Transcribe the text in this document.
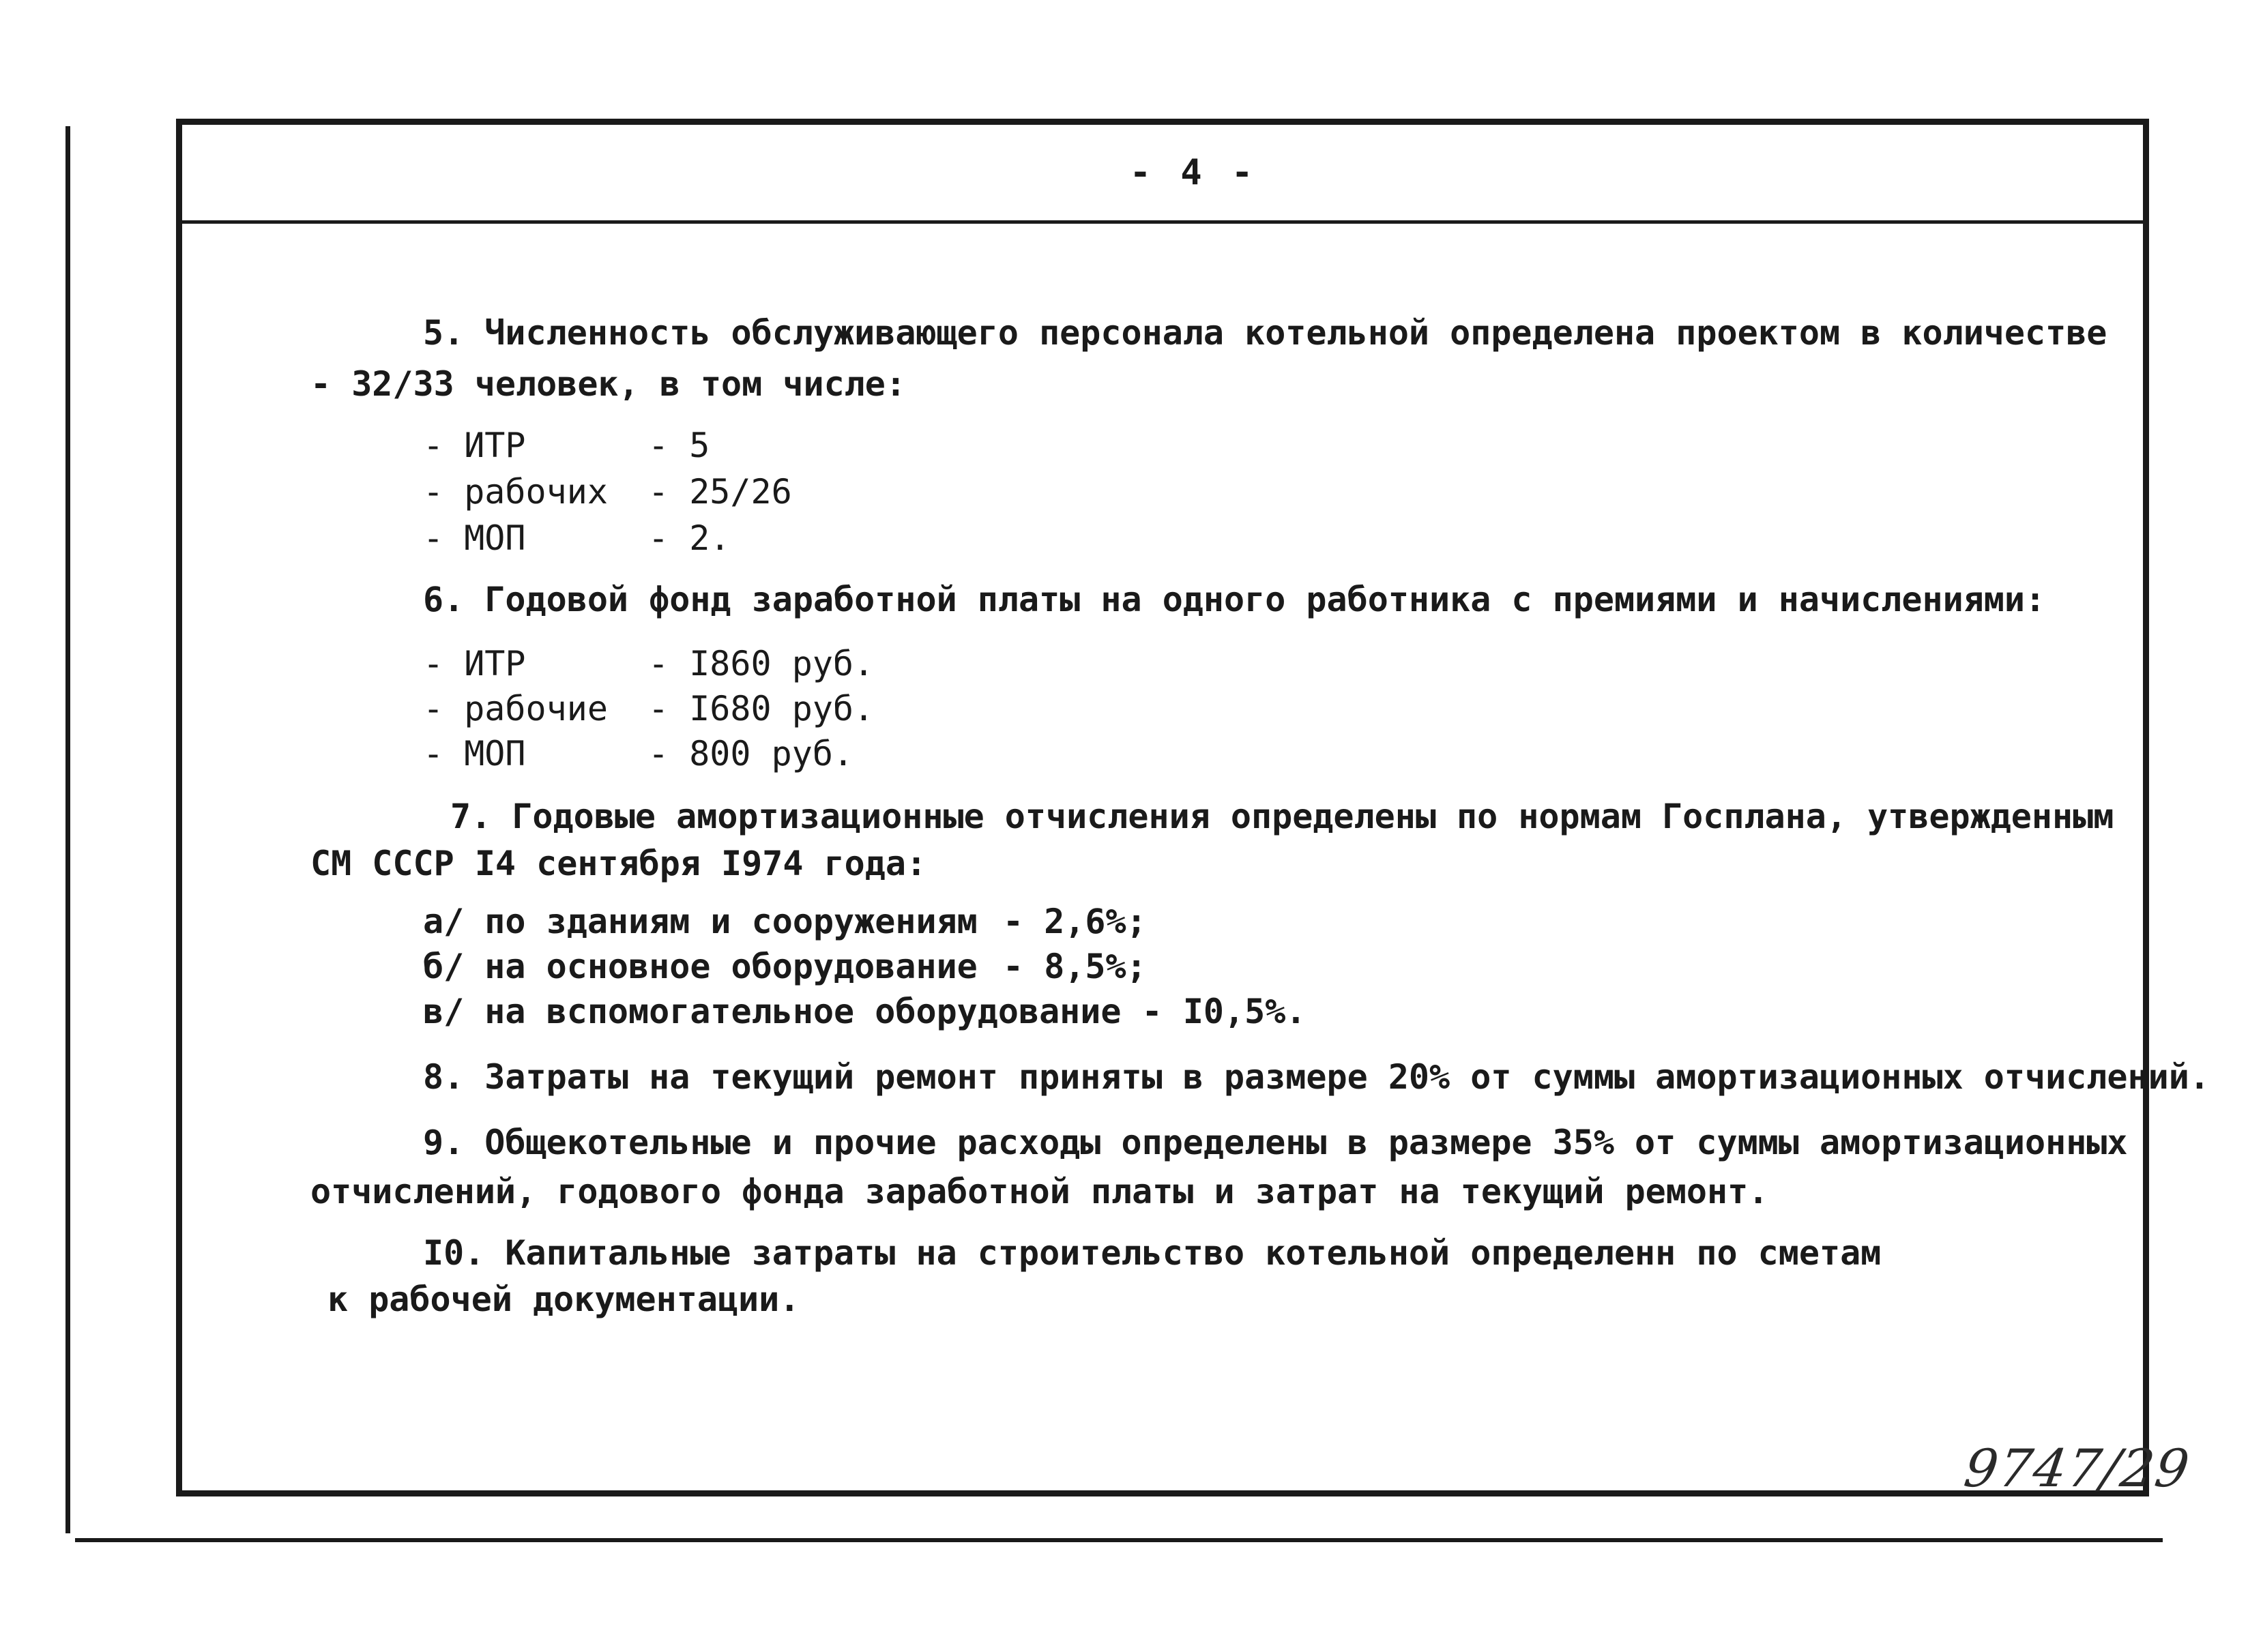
- 4 -
5. Численность обслуживающего персонала котельной определена проектом в количестве
- 32/33 человек, в том числе:
- ИТР	- 5
- рабочих - 25/26
- МОП	- 2.
6. Годовой фонд заработной платы на одного работника с премиями и начислениями:
- ИТР	- I860 руб.
- рабочие - I680 руб.
- МОП	- 800 руб.
7. Годовые амортизационные отчисления определены по нормам Госплана, утвержденным
СМ СССР I4 сентября I974 года:
а/ по зданиям и сооружениям - 2,6%;
б/ на основное оборудование - 8,5%;
в/ на вспомогательное оборудование - I0,5%.
8. Затраты на текущий ремонт приняты в размере 20% от суммы амортизационных отчислений.
9. Общекотельные и прочие расходы определены в размере 35% от суммы амортизационных
отчислений, годового фонда заработной платы и затрат на текущий ремонт.
I0. Капитальные затраты на строительство котельной определенн по сметам
к рабочей документации.
9747/29
